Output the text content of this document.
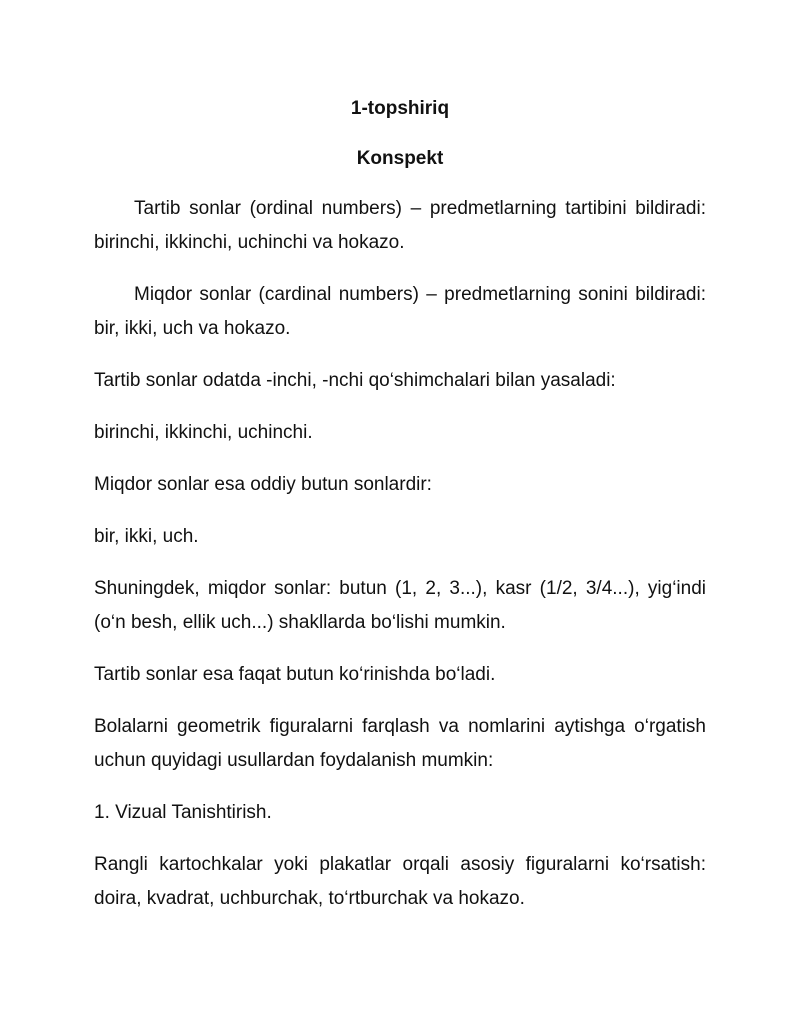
1-topshiriq
Konspekt

Tartib sonlar (ordinal numbers) – predmetlarning tartibini bildiradi: birinchi, ikkinchi, uchinchi va hokazo.

Miqdor sonlar (cardinal numbers) – predmetlarning sonini bildiradi: bir, ikki, uch va hokazo.

Tartib sonlar odatda -inchi, -nchi qo‘shimchalari bilan yasaladi:

birinchi, ikkinchi, uchinchi.

Miqdor sonlar esa oddiy butun sonlardir:

bir, ikki, uch.

Shuningdek, miqdor sonlar: butun (1, 2, 3...), kasr (1/2, 3/4...), yig‘indi (o‘n besh, ellik uch...) shakllarda bo‘lishi mumkin.

Tartib sonlar esa faqat butun ko‘rinishda bo‘ladi.

Bolalarni geometrik figuralarni farqlash va nomlarini aytishga o‘rgatish uchun quyidagi usullardan foydalanish mumkin:

1. Vizual Tanishtirish.

Rangli kartochkalar yoki plakatlar orqali asosiy figuralarni ko‘rsatish: doira, kvadrat, uchburchak, to‘rtburchak va hokazo.
